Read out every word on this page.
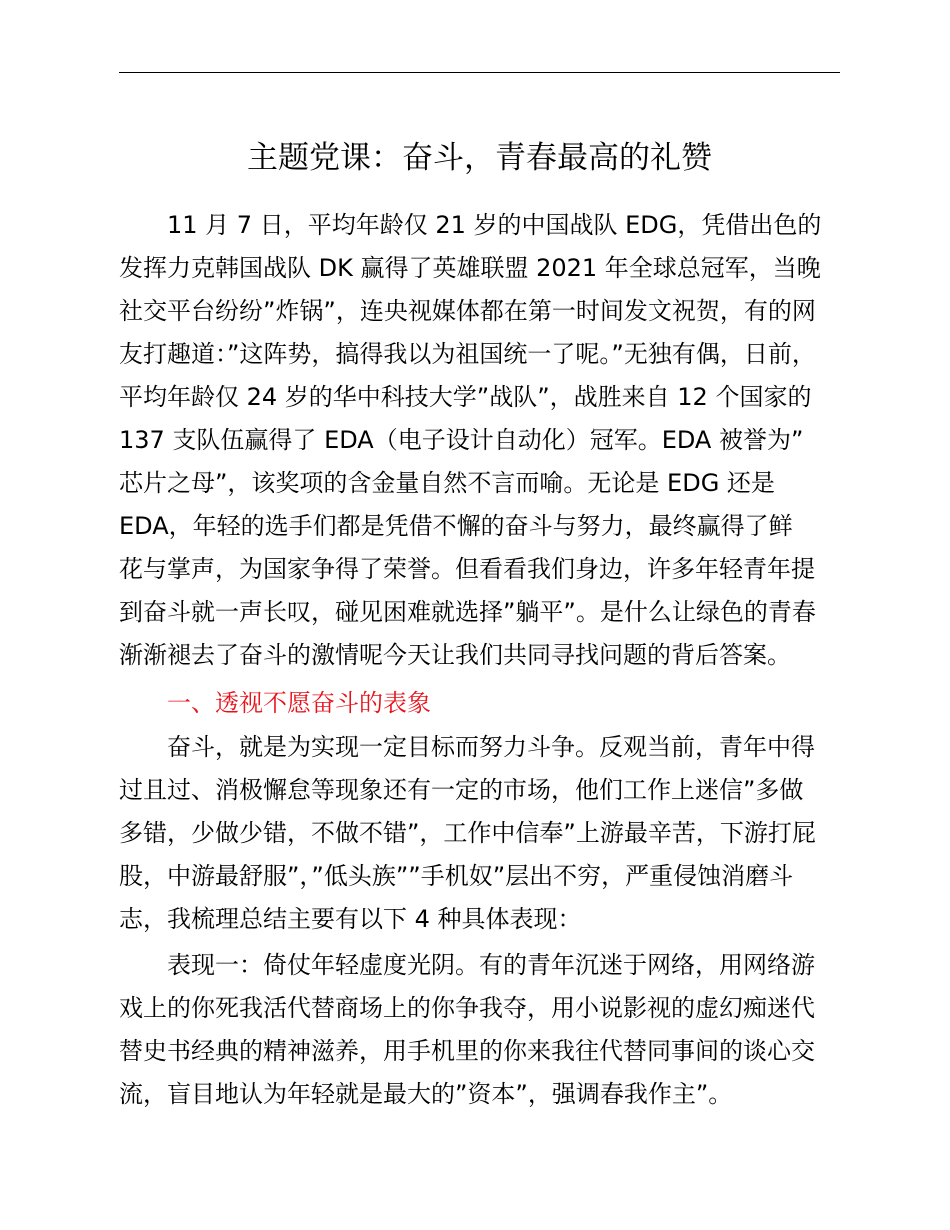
主题党课：奋斗，青春最高的礼赞
11 月 7 日，平均年龄仅 21 岁的中国战队 EDG，凭借出色的
发挥力克韩国战队 DK 赢得了英雄联盟 2021 年全球总冠军，当晚
社交平台纷纷”炸锅”，连央视媒体都在第一时间发文祝贺，有的网
友打趣道：”这阵势，搞得我以为祖国统一了呢。”无独有偶，日前，
平均年龄仅 24 岁的华中科技大学”战队”，战胜来自 12 个国家的
137 支队伍赢得了 EDA（电子设计自动化）冠军。EDA 被誉为”
芯片之母”，该奖项的含金量自然不言而喻。无论是 EDG 还是
EDA，年轻的选手们都是凭借不懈的奋斗与努力，最终赢得了鲜
花与掌声，为国家争得了荣誉。但看看我们身边，许多年轻青年提
到奋斗就一声长叹，碰见困难就选择”躺平”。是什么让绿色的青春
渐渐褪去了奋斗的激情呢今天让我们共同寻找问题的背后答案。
一、透视不愿奋斗的表象
奋斗，就是为实现一定目标而努力斗争。反观当前，青年中得
过且过、消极懈怠等现象还有一定的市场，他们工作上迷信”多做
多错，少做少错，不做不错”，工作中信奉”上游最辛苦，下游打屁
股，中游最舒服”，”低头族””手机奴”层出不穷，严重侵蚀消磨斗
志，我梳理总结主要有以下 4 种具体表现：
表现一：倚仗年轻虚度光阴。有的青年沉迷于网络，用网络游
戏上的你死我活代替商场上的你争我夺，用小说影视的虚幻痴迷代
替史书经典的精神滋养，用手机里的你来我往代替同事间的谈心交
流，盲目地认为年轻就是最大的”资本”，强调春我作主”。
